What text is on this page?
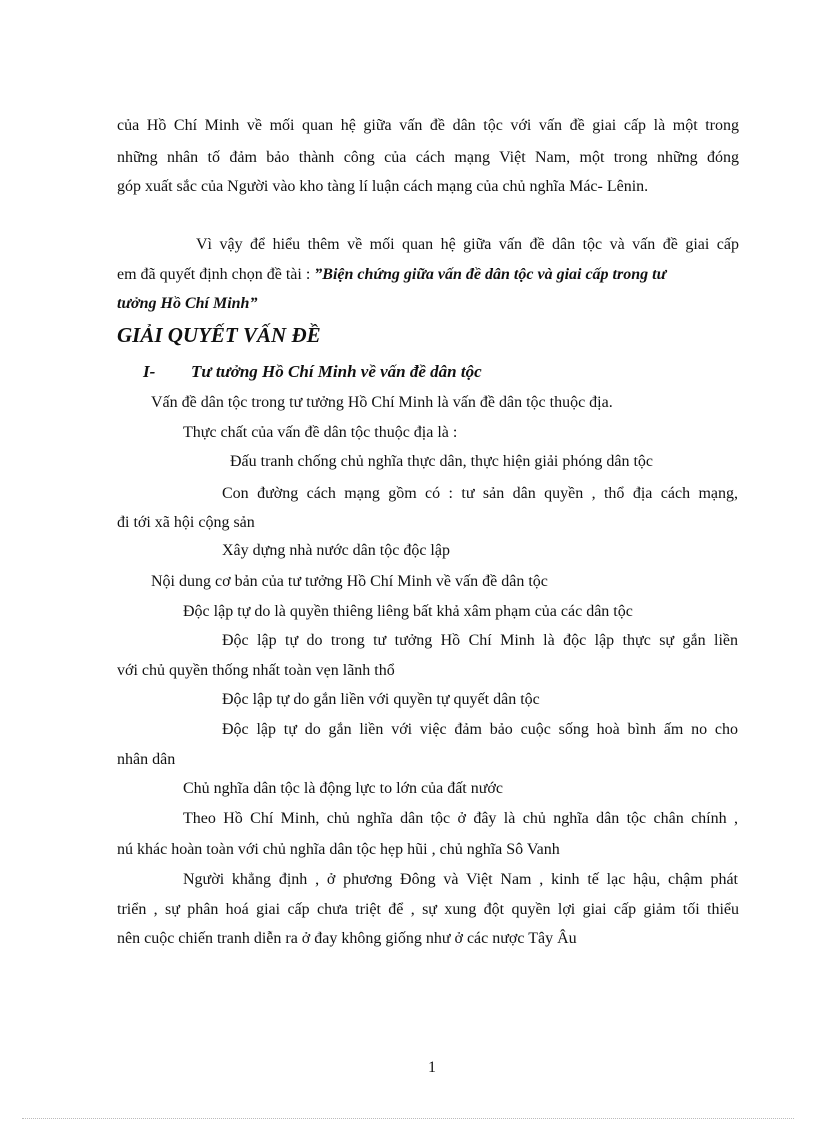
của Hồ Chí Minh về mối quan hệ giữa vấn đề dân tộc với vấn đề giai cấp là một trong
những nhân tố đảm bảo thành công của cách mạng Việt Nam, một trong những đóng
góp xuất sắc của Người vào kho tàng lí luận cách mạng của chủ nghĩa Mác- Lênin.
Vì vậy để hiểu thêm về mối quan hệ giữa vấn đề dân tộc và vấn đề giai cấp
em đã quyết định chọn đề tài : ”Biện chứng giữa vấn đề dân tộc và giai cấp trong tư
tưởng Hồ Chí Minh”
GIẢI QUYẾT VẤN ĐỀ
I- Tư tưởng Hồ Chí Minh về vấn đề dân tộc
Vấn đề dân tộc trong tư tưởng Hồ Chí Minh là vấn đề dân tộc thuộc địa.
Thực chất của vấn đề dân tộc thuộc địa là :
Đấu tranh chống chủ nghĩa thực dân, thực hiện giải phóng dân tộc
Con đường cách mạng gồm có : tư sản dân quyền , thổ địa cách mạng,
đi tới xã hội cộng sản
Xây dựng nhà nước dân tộc độc lập
Nội dung cơ bản của tư tưởng Hồ Chí Minh về vấn đề dân tộc
Độc lập tự do là quyền thiêng liêng bất khả xâm phạm của các dân tộc
Độc lập tự do trong tư tưởng Hồ Chí Minh là độc lập thực sự gắn liền
với chủ quyền thống nhất toàn vẹn lãnh thổ
Độc lập tự do gắn liền với quyền tự quyết dân tộc
Độc lập tự do gắn liền với việc đảm bảo cuộc sống hoà bình ấm no cho
nhân dân
Chủ nghĩa dân tộc là động lực to lớn của đất nước
Theo Hồ Chí Minh, chủ nghĩa dân tộc ở đây là chủ nghĩa dân tộc chân chính ,
nú khác hoàn toàn với chủ nghĩa dân tộc hẹp hũi , chủ nghĩa Sô Vanh
Người khẳng định , ở phương Đông và Việt Nam , kinh tế lạc hậu, chậm phát
triển , sự phân hoá giai cấp chưa triệt để , sự xung đột quyền lợi giai cấp giảm tối thiểu
nên cuộc chiến tranh diễn ra ở đay không giống như ở các nược Tây Âu
1
